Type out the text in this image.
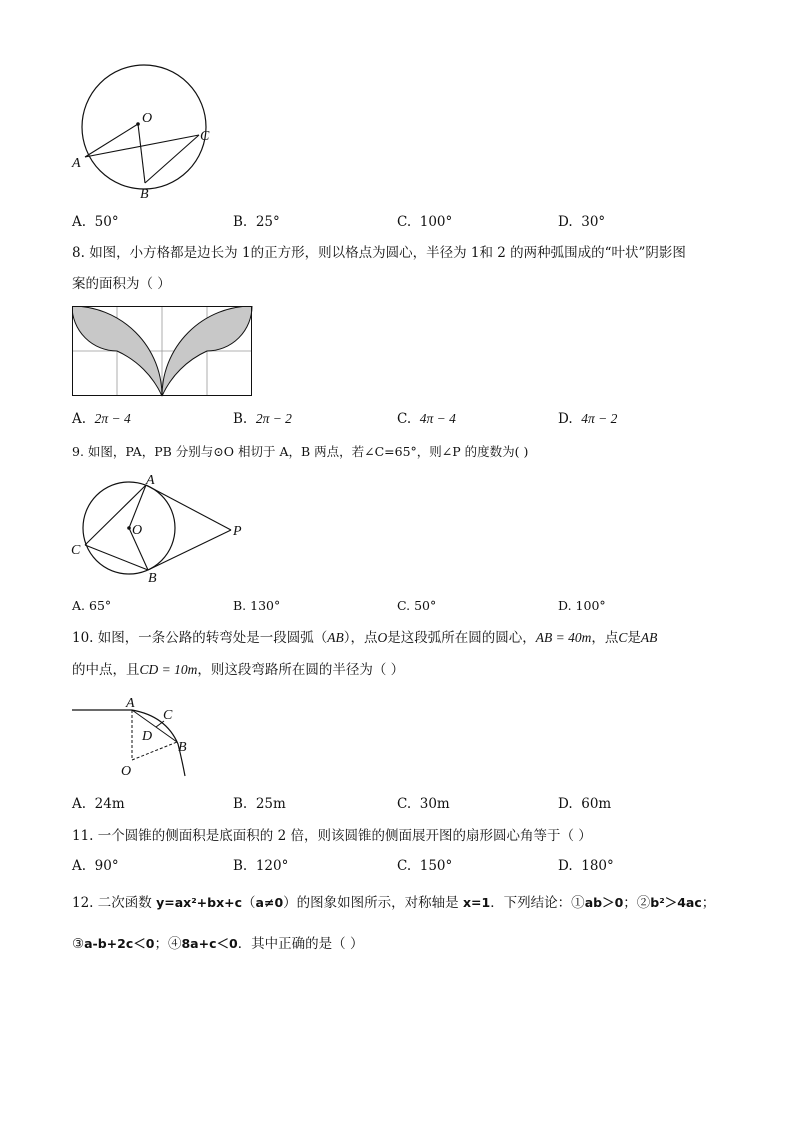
O
A
B
C
A. 50°	B. 25°	C. 100°	D. 30°
8. 如图，小方格都是边长为 1的正方形，则以格点为圆心，半径为 1和 2 的两种弧围成的“叶状”阴影图
案的面积为（ ）
A. 2π − 4	B. 2π − 2	C. 4π − 4	D. 4π − 2
9. 如图，PA，PB 分别与⊙O 相切于 A，B 两点，若∠C=65°，则∠P 的度数为( )
A
O
C
B
P
A. 65°	B. 130°	C. 50°	D. 100°
10. 如图，一条公路的转弯处是一段圆弧（AB），点O是这段弧所在圆的圆心，AB = 40m，点C是AB
的中点，且CD = 10m，则这段弯路所在圆的半径为（ ）
A
C
D
B
O
A. 24m	B. 25m	C. 30m	D. 60m
11. 一个圆锥的侧面积是底面积的 2 倍，则该圆锥的侧面展开图的扇形圆心角等于（ ）
A. 90°	B. 120°	C. 150°	D. 180°
12. 二次函数 y=ax²+bx+c（a≠0）的图象如图所示，对称轴是 x=1．下列结论：①ab＞0；②b²＞4ac；
③a-b+2c＜0；④8a+c＜0．其中正确的是（ ）
